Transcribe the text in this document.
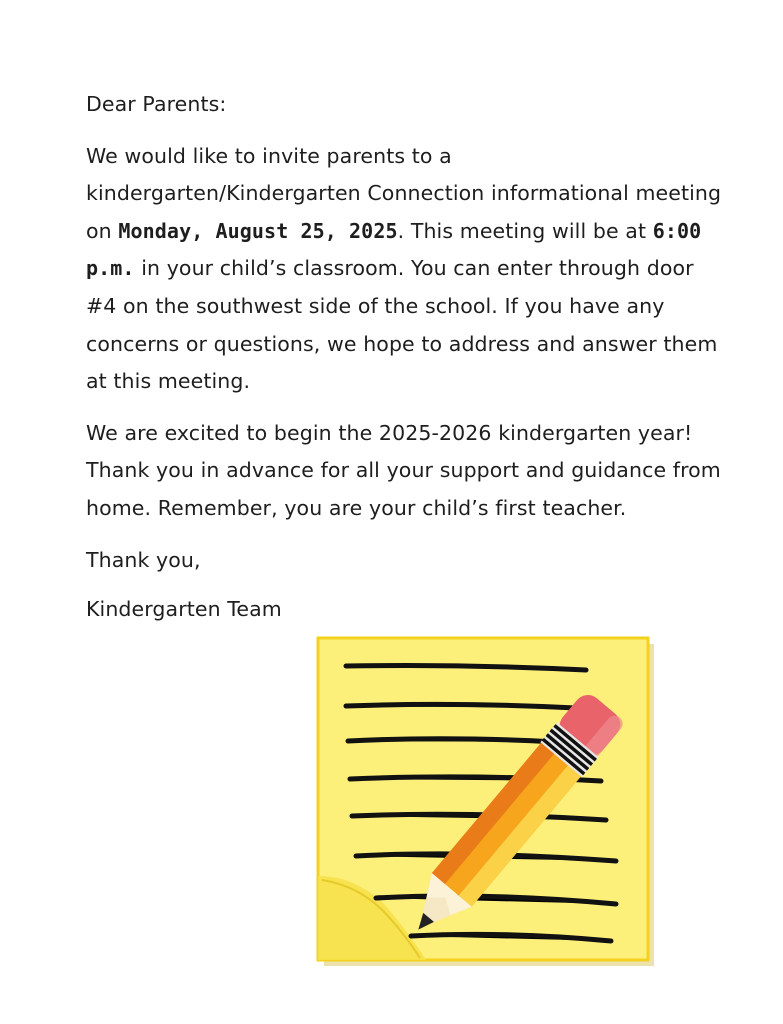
Dear Parents:

We would like to invite parents to a kindergarten/Kindergarten Connection informational meeting on Monday, August 25, 2025. This meeting will be at 6:00 p.m. in your child’s classroom. You can enter through door #4 on the southwest side of the school. If you have any concerns or questions, we hope to address and answer them at this meeting.

We are excited to begin the 2025-2026 kindergarten year! Thank you in advance for all your support and guidance from home. Remember, you are your child’s first teacher.

Thank you,

Kindergarten Team
